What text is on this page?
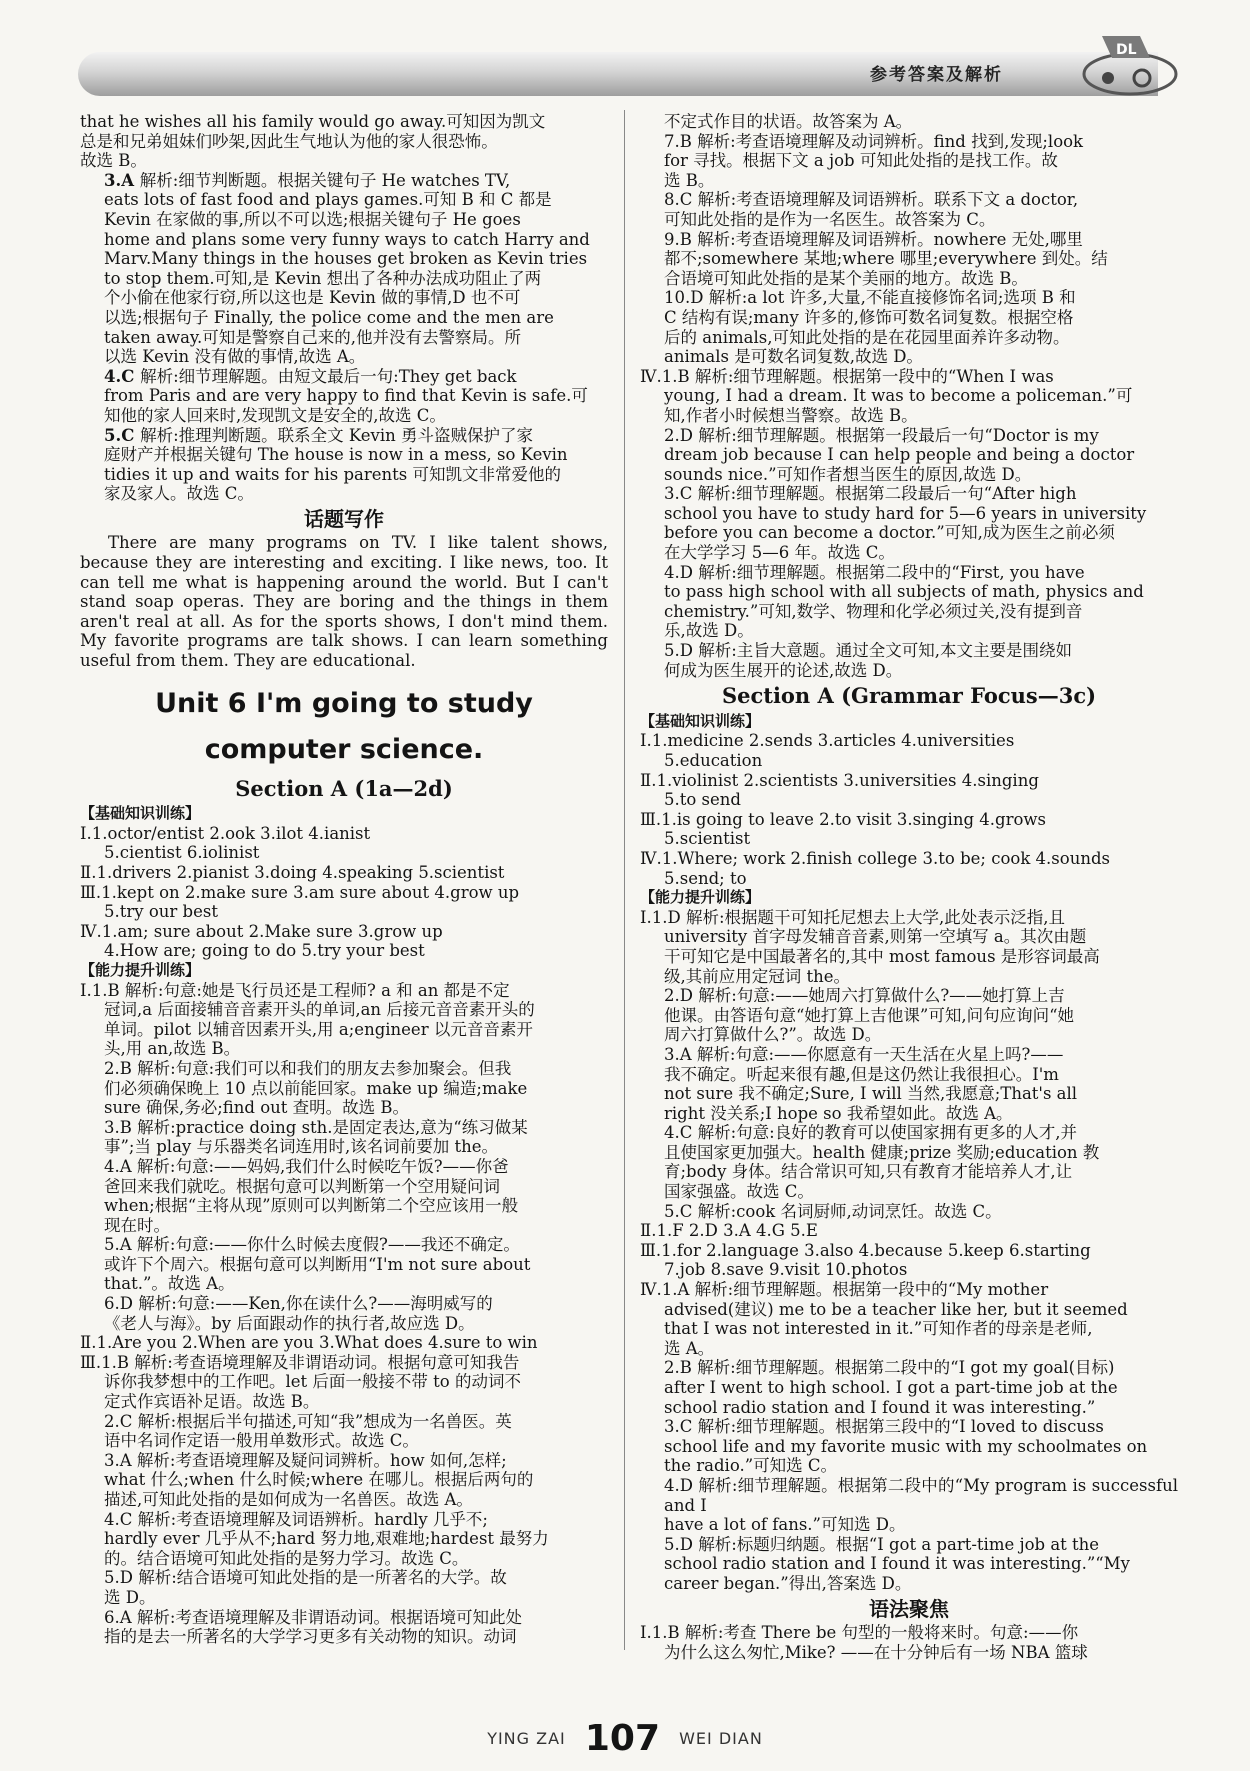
参考答案及解析
DL

that he wishes all his family would go away.可知因为凯文

总是和兄弟姐妹们吵架,因此生气地认为他的家人很恐怖。

故选 B。

3.A 解析:细节判断题。根据关键句子 He watches TV,

eats lots of fast food and plays games.可知 B 和 C 都是

Kevin 在家做的事,所以不可以选;根据关键句子 He goes

home and plans some very funny ways to catch Harry and

Marv.Many things in the houses get broken as Kevin tries

to stop them.可知,是 Kevin 想出了各种办法成功阻止了两

个小偷在他家行窃,所以这也是 Kevin 做的事情,D 也不可

以选;根据句子 Finally, the police come and the men are

taken away.可知是警察自己来的,他并没有去警察局。所

以选 Kevin 没有做的事情,故选 A。

4.C 解析:细节理解题。由短文最后一句:They get back

from Paris and are very happy to find that Kevin is safe.可

知他的家人回来时,发现凯文是安全的,故选 C。

5.C 解析:推理判断题。联系全文 Kevin 勇斗盗贼保护了家

庭财产并根据关键句 The house is now in a mess, so Kevin

tidies it up and waits for his parents 可知凯文非常爱他的

家及家人。故选 C。

话题写作

There are many programs on TV. I like talent shows, because they are interesting and exciting. I like news, too. It can tell me what is happening around the world. But I can't stand soap operas. They are boring and the things in them aren't real at all. As for the sports shows, I don't mind them. My favorite programs are talk shows. I can learn something useful from them. They are educational.

Unit 6 I'm going to study
computer science.
Section A (1a—2d)
【基础知识训练】

Ⅰ.1.octor/entist 2.ook 3.ilot 4.ianist

5.cientist 6.iolinist

Ⅱ.1.drivers 2.pianist 3.doing 4.speaking 5.scientist

Ⅲ.1.kept on 2.make sure 3.am sure about 4.grow up

5.try our best

Ⅳ.1.am; sure about 2.Make sure 3.grow up

4.How are; going to do 5.try your best

【能力提升训练】

Ⅰ.1.B 解析:句意:她是飞行员还是工程师? a 和 an 都是不定

冠词,a 后面接辅音音素开头的单词,an 后接元音音素开头的

单词。pilot 以辅音因素开头,用 a;engineer 以元音音素开

头,用 an,故选 B。

2.B 解析:句意:我们可以和我们的朋友去参加聚会。但我

们必须确保晚上 10 点以前能回家。make up 编造;make

sure 确保,务必;find out 查明。故选 B。

3.B 解析:practice doing sth.是固定表达,意为“练习做某

事”;当 play 与乐器类名词连用时,该名词前要加 the。

4.A 解析:句意:——妈妈,我们什么时候吃午饭?——你爸

爸回来我们就吃。根据句意可以判断第一个空用疑问词

when;根据“主将从现”原则可以判断第二个空应该用一般

现在时。

5.A 解析:句意:——你什么时候去度假?——我还不确定。

或许下个周六。根据句意可以判断用“I'm not sure about

that.”。故选 A。

6.D 解析:句意:——Ken,你在读什么?——海明威写的

《老人与海》。by 后面跟动作的执行者,故应选 D。

Ⅱ.1.Are you 2.When are you 3.What does 4.sure to win

Ⅲ.1.B 解析:考查语境理解及非谓语动词。根据句意可知我告

诉你我梦想中的工作吧。let 后面一般接不带 to 的动词不

定式作宾语补足语。故选 B。

2.C 解析:根据后半句描述,可知“我”想成为一名兽医。英

语中名词作定语一般用单数形式。故选 C。

3.A 解析:考查语境理解及疑问词辨析。how 如何,怎样;

what 什么;when 什么时候;where 在哪儿。根据后两句的

描述,可知此处指的是如何成为一名兽医。故选 A。

4.C 解析:考查语境理解及词语辨析。hardly 几乎不;

hardly ever 几乎从不;hard 努力地,艰难地;hardest 最努力

的。结合语境可知此处指的是努力学习。故选 C。

5.D 解析:结合语境可知此处指的是一所著名的大学。故

选 D。

6.A 解析:考查语境理解及非谓语动词。根据语境可知此处

指的是去一所著名的大学学习更多有关动物的知识。动词

不定式作目的状语。故答案为 A。

7.B 解析:考查语境理解及动词辨析。find 找到,发现;look

for 寻找。根据下文 a job 可知此处指的是找工作。故

选 B。

8.C 解析:考查语境理解及词语辨析。联系下文 a doctor,

可知此处指的是作为一名医生。故答案为 C。

9.B 解析:考查语境理解及词语辨析。nowhere 无处,哪里

都不;somewhere 某地;where 哪里;everywhere 到处。结

合语境可知此处指的是某个美丽的地方。故选 B。

10.D 解析:a lot 许多,大量,不能直接修饰名词;选项 B 和

C 结构有误;many 许多的,修饰可数名词复数。根据空格

后的 animals,可知此处指的是在花园里面养许多动物。

animals 是可数名词复数,故选 D。

Ⅳ.1.B 解析:细节理解题。根据第一段中的“When I was

young, I had a dream. It was to become a policeman.”可

知,作者小时候想当警察。故选 B。

2.D 解析:细节理解题。根据第一段最后一句“Doctor is my

dream job because I can help people and being a doctor

sounds nice.”可知作者想当医生的原因,故选 D。

3.C 解析:细节理解题。根据第二段最后一句“After high

school you have to study hard for 5—6 years in university

before you can become a doctor.”可知,成为医生之前必须

在大学学习 5—6 年。故选 C。

4.D 解析:细节理解题。根据第二段中的“First, you have

to pass high school with all subjects of math, physics and

chemistry.”可知,数学、物理和化学必须过关,没有提到音

乐,故选 D。

5.D 解析:主旨大意题。通过全文可知,本文主要是围绕如

何成为医生展开的论述,故选 D。

Section A (Grammar Focus—3c)
【基础知识训练】

Ⅰ.1.medicine 2.sends 3.articles 4.universities

5.education

Ⅱ.1.violinist 2.scientists 3.universities 4.singing

5.to send

Ⅲ.1.is going to leave 2.to visit 3.singing 4.grows

5.scientist

Ⅳ.1.Where; work 2.finish college 3.to be; cook 4.sounds

5.send; to

【能力提升训练】

Ⅰ.1.D 解析:根据题干可知托尼想去上大学,此处表示泛指,且

university 首字母发辅音音素,则第一空填写 a。其次由题

干可知它是中国最著名的,其中 most famous 是形容词最高

级,其前应用定冠词 the。

2.D 解析:句意:——她周六打算做什么?——她打算上吉

他课。由答语句意“她打算上吉他课”可知,问句应询问“她

周六打算做什么?”。故选 D。

3.A 解析:句意:——你愿意有一天生活在火星上吗?——

我不确定。听起来很有趣,但是这仍然让我很担心。I'm

not sure 我不确定;Sure, I will 当然,我愿意;That's all

right 没关系;I hope so 我希望如此。故选 A。

4.C 解析:句意:良好的教育可以使国家拥有更多的人才,并

且使国家更加强大。health 健康;prize 奖励;education 教

育;body 身体。结合常识可知,只有教育才能培养人才,让

国家强盛。故选 C。

5.C 解析:cook 名词厨师,动词烹饪。故选 C。

Ⅱ.1.F 2.D 3.A 4.G 5.E

Ⅲ.1.for 2.language 3.also 4.because 5.keep 6.starting

7.job 8.save 9.visit 10.photos

Ⅳ.1.A 解析:细节理解题。根据第一段中的“My mother

advised(建议) me to be a teacher like her, but it seemed

that I was not interested in it.”可知作者的母亲是老师,

选 A。

2.B 解析:细节理解题。根据第二段中的“I got my goal(目标)

after I went to high school. I got a part-time job at the

school radio station and I found it was interesting.”

3.C 解析:细节理解题。根据第三段中的“I loved to discuss

school life and my favorite music with my schoolmates on

the radio.”可知选 C。

4.D 解析:细节理解题。根据第二段中的“My program is successful and I

have a lot of fans.”可知选 D。

5.D 解析:标题归纳题。根据“I got a part-time job at the

school radio station and I found it was interesting.”“My

career began.”得出,答案选 D。

语法聚焦

Ⅰ.1.B 解析:考查 There be 句型的一般将来时。句意:——你

为什么这么匆忙,Mike? ——在十分钟后有一场 NBA 篮球

YING ZAI 107 WEI DIAN
